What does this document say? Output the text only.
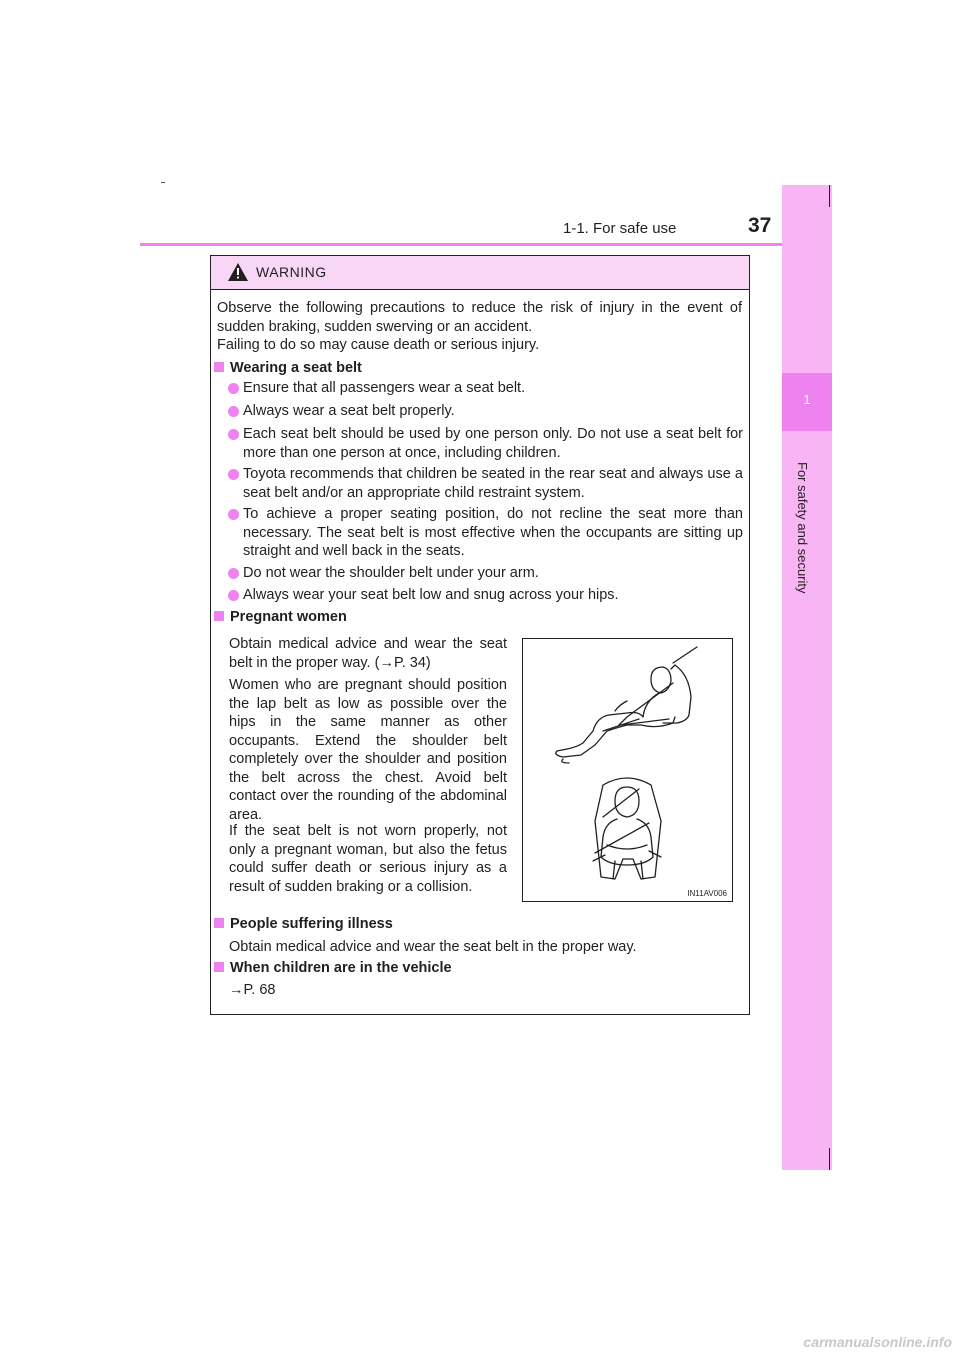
37
1-1. For safe use
1
For safety and security
WARNING
Observe the following precautions to reduce the risk of injury in the event of sudden braking, sudden swerving or an accident.
Failing to do so may cause death or serious injury.
Wearing a seat belt
Ensure that all passengers wear a seat belt.
Always wear a seat belt properly.
Each seat belt should be used by one person only. Do not use a seat belt for more than one person at once, including children.
Toyota recommends that children be seated in the rear seat and always use a seat belt and/or an appropriate child restraint system.
To achieve a proper seating position, do not recline the seat more than necessary. The seat belt is most effective when the occupants are sitting up straight and well back in the seats.
Do not wear the shoulder belt under your arm.
Always wear your seat belt low and snug across your hips.
Pregnant women
Obtain medical advice and wear the seat belt in the proper way. (→P. 34)
Women who are pregnant should position the lap belt as low as possible over the hips in the same manner as other occupants. Extend the shoulder belt completely over the shoulder and position the belt across the chest. Avoid belt contact over the rounding of the abdominal area.
If the seat belt is not worn properly, not only a pregnant woman, but also the fetus could suffer death or serious injury as a result of sudden braking or a collision.	IN11AV006
People suffering illness
Obtain medical advice and wear the seat belt in the proper way.
When children are in the vehicle
→P. 68
carmanualsonline.info
